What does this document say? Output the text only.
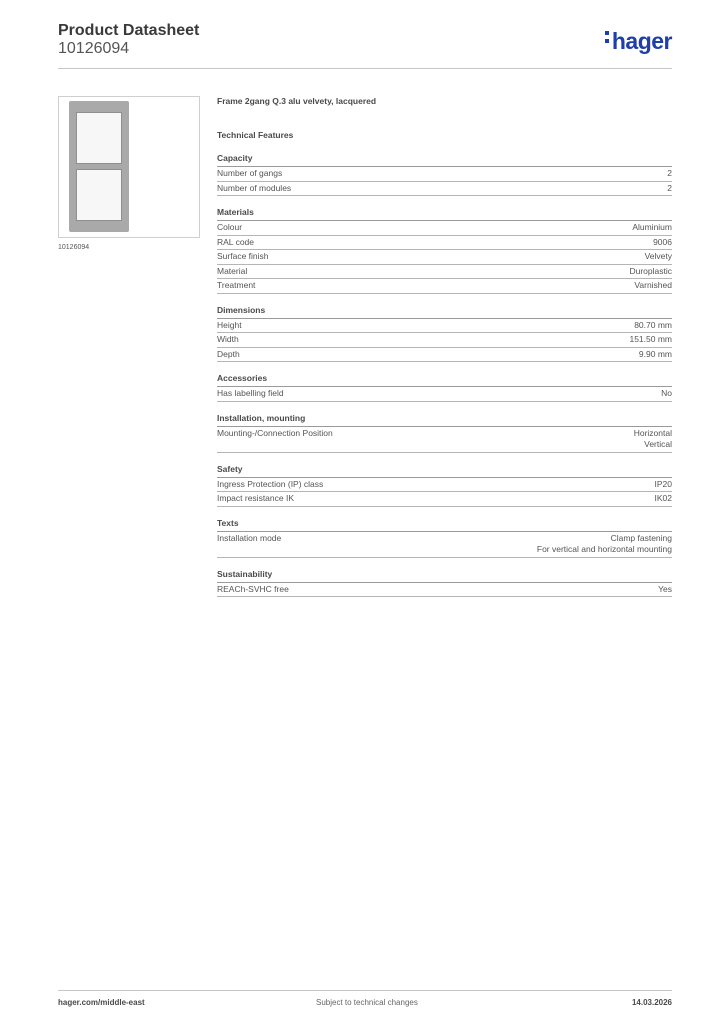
Product Datasheet
10126094	hager
10126094
Frame 2gang Q.3 alu velvety, lacquered
Technical Features
Capacity
Number of gangs	2
Number of modules	2
Materials
Colour	Aluminium
RAL code	9006
Surface finish	Velvety
Material	Duroplastic
Treatment	Varnished
Dimensions
Height	80.70 mm
Width	151.50 mm
Depth	9.90 mm
Accessories
Has labelling field	No
Installation, mounting
Mounting-/Connection Position	Horizontal
Vertical
Safety
Ingress Protection (IP) class	IP20
Impact resistance IK	IK02
Texts
Installation mode	Clamp fastening
For vertical and horizontal mounting
Sustainability
REACh-SVHC free	Yes
hager.com/middle-east	Subject to technical changes	14.03.2026
